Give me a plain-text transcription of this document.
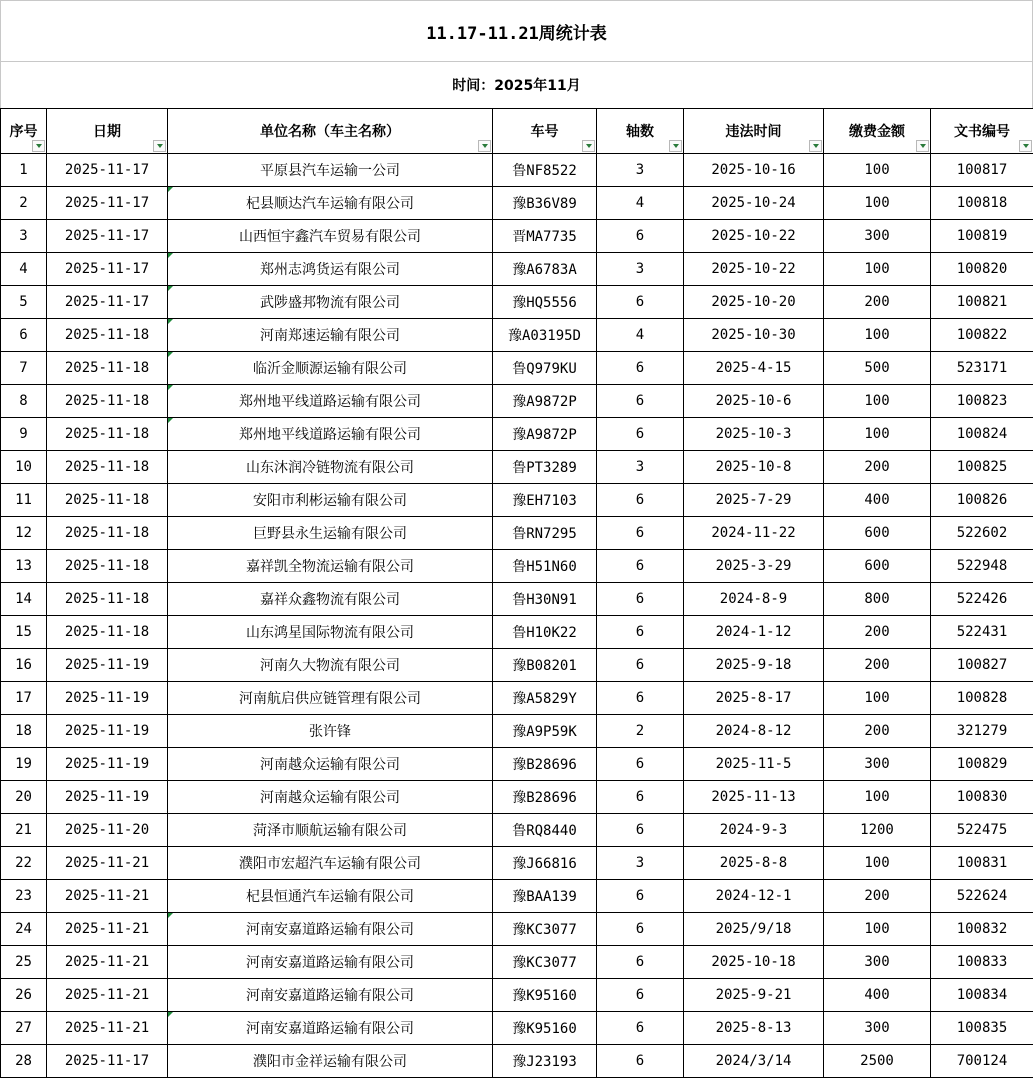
11.17-11.21周统计表
时间：2025年11月
序号	日期	单位名称（车主名称）	车号	轴数	违法时间	缴费金额	文书编号

1	2025-11-17	平原县汽车运输一公司	鲁NF8522	3	2025-10-16	100	100817
2	2025-11-17	杞县顺达汽车运输有限公司	豫B36V89	4	2025-10-24	100	100818
3	2025-11-17	山西恒宇鑫汽车贸易有限公司	晋MA7735	6	2025-10-22	300	100819
4	2025-11-17	郑州志鸿货运有限公司	豫A6783A	3	2025-10-22	100	100820
5	2025-11-17	武陟盛邦物流有限公司	豫HQ5556	6	2025-10-20	200	100821
6	2025-11-18	河南郑速运输有限公司	豫A03195D	4	2025-10-30	100	100822
7	2025-11-18	临沂金顺源运输有限公司	鲁Q979KU	6	2025-4-15	500	523171
8	2025-11-18	郑州地平线道路运输有限公司	豫A9872P	6	2025-10-6	100	100823
9	2025-11-18	郑州地平线道路运输有限公司	豫A9872P	6	2025-10-3	100	100824
10	2025-11-18	山东沐润冷链物流有限公司	鲁PT3289	3	2025-10-8	200	100825
11	2025-11-18	安阳市利彬运输有限公司	豫EH7103	6	2025-7-29	400	100826
12	2025-11-18	巨野县永生运输有限公司	鲁RN7295	6	2024-11-22	600	522602
13	2025-11-18	嘉祥凯全物流运输有限公司	鲁H51N60	6	2025-3-29	600	522948
14	2025-11-18	嘉祥众鑫物流有限公司	鲁H30N91	6	2024-8-9	800	522426
15	2025-11-18	山东鸿星国际物流有限公司	鲁H10K22	6	2024-1-12	200	522431
16	2025-11-19	河南久大物流有限公司	豫B08201	6	2025-9-18	200	100827
17	2025-11-19	河南航启供应链管理有限公司	豫A5829Y	6	2025-8-17	100	100828
18	2025-11-19	张许锋	豫A9P59K	2	2024-8-12	200	321279
19	2025-11-19	河南越众运输有限公司	豫B28696	6	2025-11-5	300	100829
20	2025-11-19	河南越众运输有限公司	豫B28696	6	2025-11-13	100	100830
21	2025-11-20	菏泽市顺航运输有限公司	鲁RQ8440	6	2024-9-3	1200	522475
22	2025-11-21	濮阳市宏超汽车运输有限公司	豫J66816	3	2025-8-8	100	100831
23	2025-11-21	杞县恒通汽车运输有限公司	豫BAA139	6	2024-12-1	200	522624
24	2025-11-21	河南安嘉道路运输有限公司	豫KC3077	6	2025/9/18	100	100832
25	2025-11-21	河南安嘉道路运输有限公司	豫KC3077	6	2025-10-18	300	100833
26	2025-11-21	河南安嘉道路运输有限公司	豫K95160	6	2025-9-21	400	100834
27	2025-11-21	河南安嘉道路运输有限公司	豫K95160	6	2025-8-13	300	100835
28	2025-11-17	濮阳市金祥运输有限公司	豫J23193	6	2024/3/14	2500	700124
